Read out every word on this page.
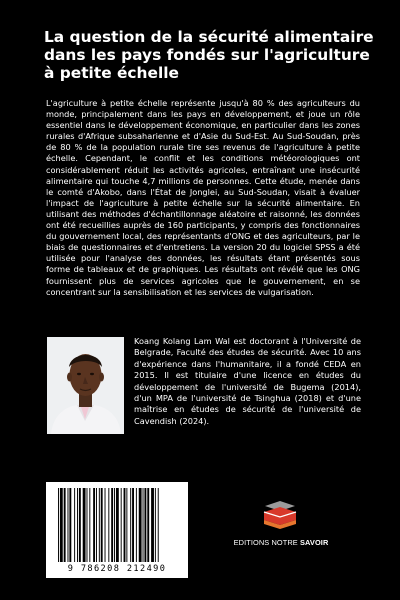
La question de la sécurité alimentaire dans les pays fondés sur l'agriculture à petite échelle

L'agriculture à petite échelle représente jusqu'à 80 % des agriculteurs du monde, principalement dans les pays en développement, et joue un rôle essentiel dans le développement économique, en particulier dans les zones rurales d'Afrique subsaharienne et d'Asie du Sud-Est. Au Sud-Soudan, près de 80 % de la population rurale tire ses revenus de l'agriculture à petite échelle. Cependant, le conflit et les conditions météorologiques ont considérablement réduit les activités agricoles, entraînant une insécurité alimentaire qui touche 4,7 millions de personnes. Cette étude, menée dans le comté d'Akobo, dans l'État de Jonglei, au Sud-Soudan, visait à évaluer l'impact de l'agriculture à petite échelle sur la sécurité alimentaire. En utilisant des méthodes d'échantillonnage aléatoire et raisonné, les données ont été recueillies auprès de 160 participants, y compris des fonctionnaires du gouvernement local, des représentants d'ONG et des agriculteurs, par le biais de questionnaires et d'entretiens. La version 20 du logiciel SPSS a été utilisée pour l'analyse des données, les résultats étant présentés sous forme de tableaux et de graphiques. Les résultats ont révélé que les ONG fournissent plus de services agricoles que le gouvernement, en se concentrant sur la sensibilisation et les services de vulgarisation.

Koang Kolang Lam Wal est doctorant à l'Université de Belgrade, Faculté des études de sécurité. Avec 10 ans d'expérience dans l'humanitaire, il a fondé CEDA en 2015. Il est titulaire d'une licence en études du développement de l'université de Bugema (2014), d'un MPA de l'université de Tsinghua (2018) et d'une maîtrise en études de sécurité de l'université de Cavendish (2024).

9 786208 212490
EDITIONS NOTRE SAVOIR
